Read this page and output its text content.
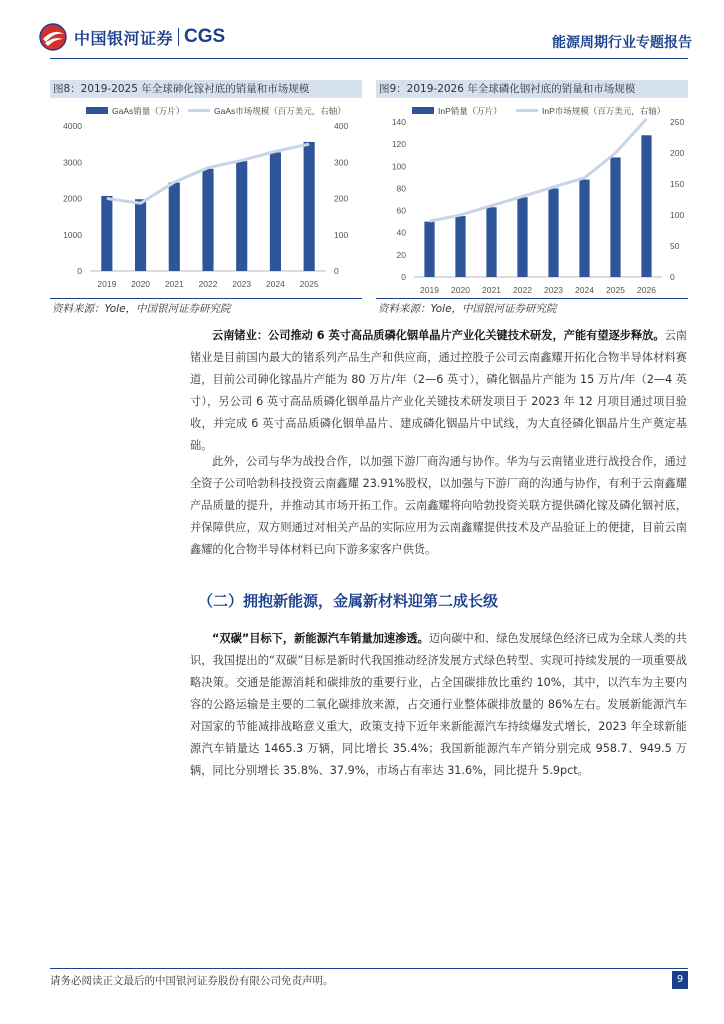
中国银河证券 CGS	能源周期行业专题报告
图8：2019-2025 年全球砷化镓衬底的销量和市场规模
GaAs销量（万片）	GaAs市场规模（百万美元，右轴）
0
1000
2000
3000
4000
0
100
200
300
400
2019 2020 2021 2022 2023 2024 2025
资料来源：Yole，中国银河证券研究院
图9：2019-2026 年全球磷化铟衬底的销量和市场规模
InP销量（万片）	InP市场规模（百万美元，右轴）
0
20
40
60
80
100
120
140
0
50
100
150
200
250
2019 2020 2021 2022 2023 2024 2025 2026
资料来源：Yole，中国银河证券研究院
云南锗业：公司推动 6 英寸高品质磷化铟单晶片产业化关键技术研发，产能有望逐步释放。云南锗业是目前国内最大的锗系列产品生产和供应商，通过控股子公司云南鑫耀开拓化合物半导体材料赛道，目前公司砷化镓晶片产能为 80 万片/年（2—6 英寸），磷化铟晶片产能为 15 万片/年（2—4 英寸），另公司 6 英寸高品质磷化铟单晶片产业化关键技术研发项目于 2023 年 12 月项目通过项目验收，并完成 6 英寸高品质磷化铟单晶片、建成磷化铟晶片中试线，为大直径磷化铟晶片生产奠定基础。
此外，公司与华为战投合作，以加强下游厂商沟通与协作。华为与云南锗业进行战投合作，通过全资子公司哈勃科技投资云南鑫耀 23.91%股权，以加强与下游厂商的沟通与协作，有利于云南鑫耀产品质量的提升，并推动其市场开拓工作。云南鑫耀将向哈勃投资关联方提供磷化镓及磷化铟衬底，并保障供应，双方则通过对相关产品的实际应用为云南鑫耀提供技术及产品验证上的便捷，目前云南鑫耀的化合物半导体材料已向下游多家客户供货。
（二）拥抱新能源，金属新材料迎第二成长级
“双碳”目标下，新能源汽车销量加速渗透。迈向碳中和、绿色发展绿色经济已成为全球人类的共识，我国提出的“双碳”目标是新时代我国推动经济发展方式绿色转型、实现可持续发展的一项重要战略决策。交通是能源消耗和碳排放的重要行业，占全国碳排放比重约 10%，其中，以汽车为主要内容的公路运输是主要的二氧化碳排放来源，占交通行业整体碳排放量的 86%左右。发展新能源汽车对国家的节能减排战略意义重大，政策支持下近年来新能源汽车持续爆发式增长，2023 年全球新能源汽车销量达 1465.3 万辆，同比增长 35.4%；我国新能源汽车产销分别完成 958.7、949.5 万辆，同比分别增长 35.8%、37.9%，市场占有率达 31.6%，同比提升 5.9pct。
请务必阅读正文最后的中国银河证券股份有限公司免责声明。	9
